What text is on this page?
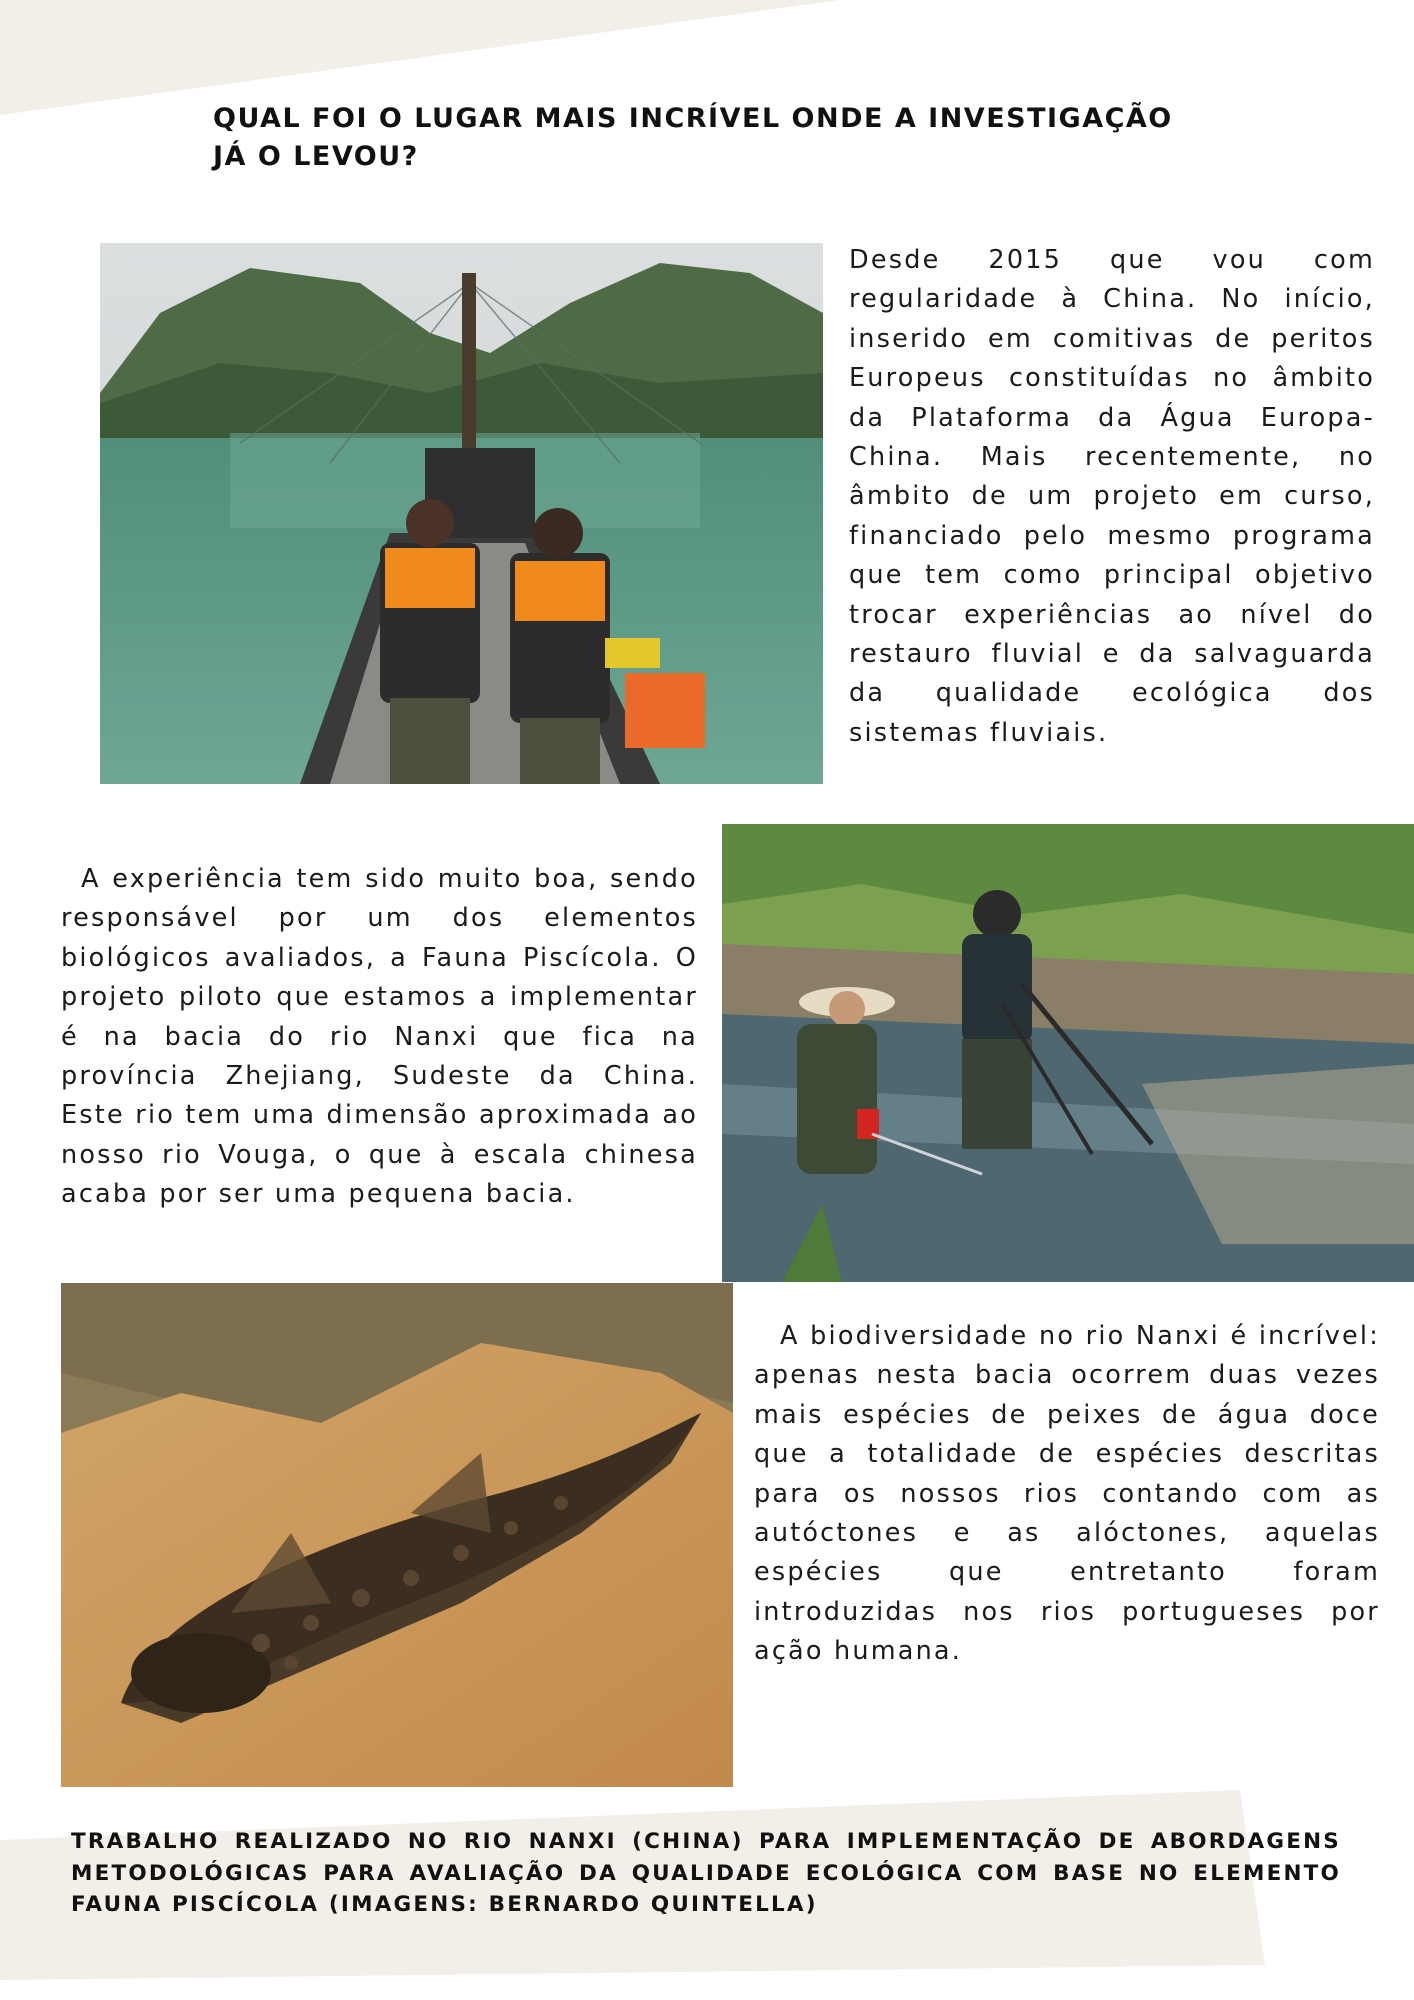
QUAL FOI O LUGAR MAIS INCRÍVEL ONDE A INVESTIGAÇÃO
JÁ O LEVOU?

Desde 2015 que vou com regularidade à China. No início, inserido em comitivas de peritos Europeus constituídas no âmbito da Plataforma da Água Europa-China. Mais recentemente, no âmbito de um projeto em curso, financiado pelo mesmo programa que tem como principal objetivo trocar experiências ao nível do restauro fluvial e da salvaguarda da qualidade ecológica dos sistemas fluviais.

A experiência tem sido muito boa, sendo responsável por um dos elementos biológicos avaliados, a Fauna Piscícola. O projeto piloto que estamos a implementar é na bacia do rio Nanxi que fica na província Zhejiang, Sudeste da China. Este rio tem uma dimensão aproximada ao nosso rio Vouga, o que à escala chinesa acaba por ser uma pequena bacia.

A biodiversidade no rio Nanxi é incrível: apenas nesta bacia ocorrem duas vezes mais espécies de peixes de água doce que a totalidade de espécies descritas para os nossos rios contando com as autóctones e as alóctones, aquelas espécies que entretanto foram introduzidas nos rios portugueses por ação humana.

TRABALHO REALIZADO NO RIO NANXI (CHINA) PARA IMPLEMENTAÇÃO DE ABORDAGENS METODOLÓGICAS PARA AVALIAÇÃO DA QUALIDADE ECOLÓGICA COM BASE NO ELEMENTO FAUNA PISCÍCOLA (IMAGENS: BERNARDO QUINTELLA)
